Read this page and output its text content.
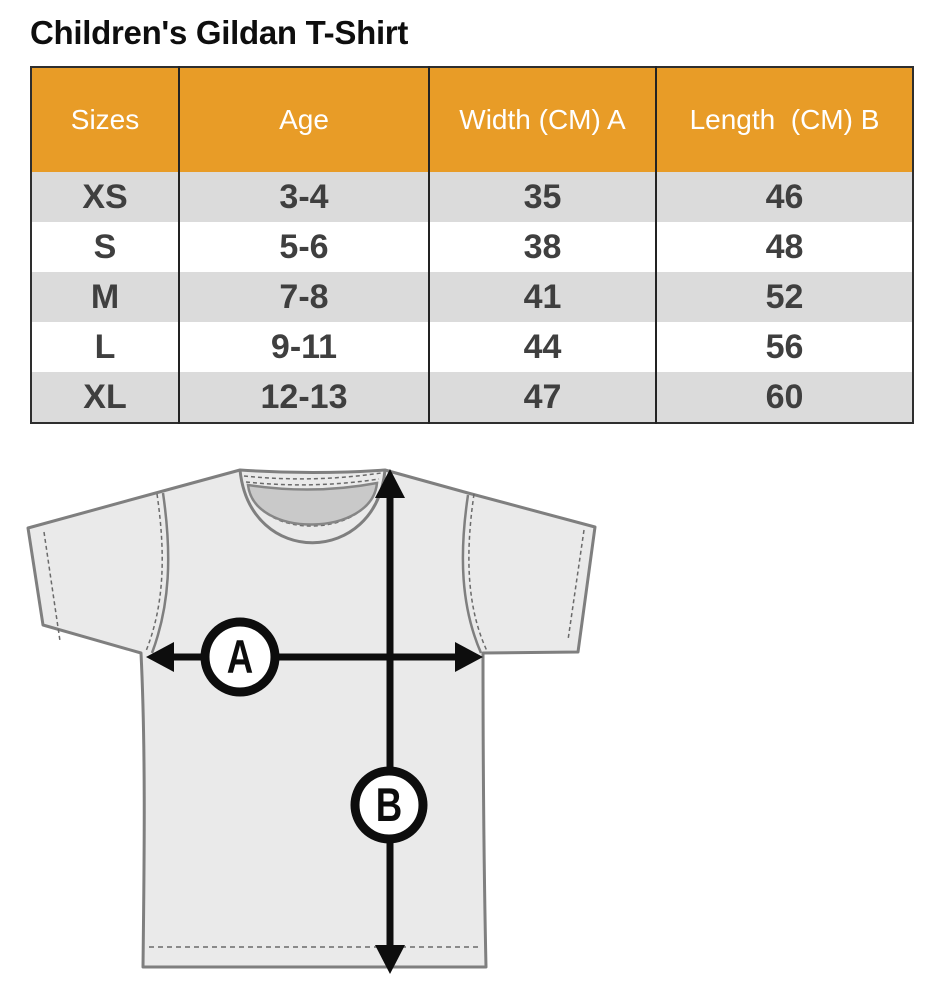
Children's Gildan T-Shirt
Sizes	Age	Width (CM) A	Length  (CM) B
XS	3-4	35	46
S	5-6	38	48
M	7-8	41	52
L	9-11	44	56
XL	12-13	47	60
A
B
